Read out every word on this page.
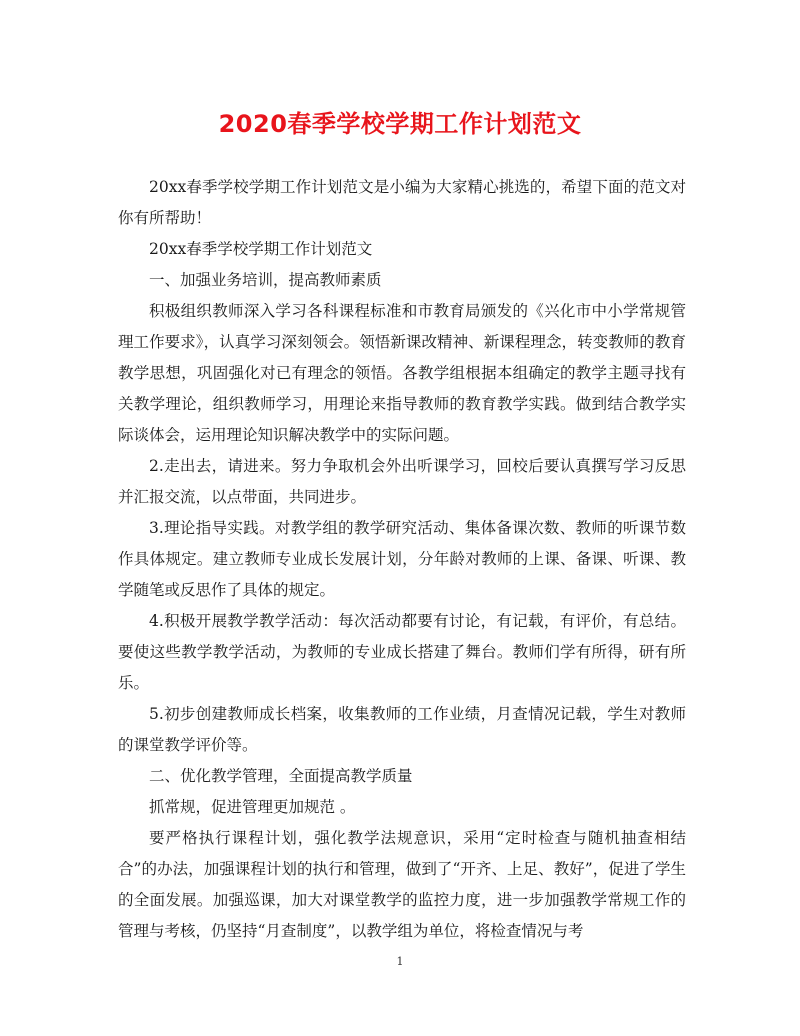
2020春季学校学期工作计划范文

20xx春季学校学期工作计划范文是小编为大家精心挑选的，希望下面的范文对你有所帮助！

20xx春季学校学期工作计划范文

一、加强业务培训，提高教师素质

积极组织教师深入学习各科课程标准和市教育局颁发的《兴化市中小学常规管理工作要求》，认真学习深刻领会。领悟新课改精神、新课程理念，转变教师的教育教学思想，巩固强化对已有理念的领悟。各教学组根据本组确定的教学主题寻找有关教学理论，组织教师学习，用理论来指导教师的教育教学实践。做到结合教学实际谈体会，运用理论知识解决教学中的实际问题。

2.走出去，请进来。努力争取机会外出听课学习，回校后要认真撰写学习反思并汇报交流，以点带面，共同进步。

3.理论指导实践。对教学组的教学研究活动、集体备课次数、教师的听课节数作具体规定。建立教师专业成长发展计划，分年龄对教师的上课、备课、听课、教学随笔或反思作了具体的规定。

4.积极开展教学教学活动：每次活动都要有讨论，有记载，有评价，有总结。要使这些教学教学活动，为教师的专业成长搭建了舞台。教师们学有所得，研有所乐。

5.初步创建教师成长档案，收集教师的工作业绩，月查情况记载，学生对教师的课堂教学评价等。

二、优化教学管理，全面提高教学质量

抓常规，促进管理更加规范 。

要严格执行课程计划，强化教学法规意识，采用“定时检查与随机抽查相结合”的办法，加强课程计划的执行和管理，做到了“开齐、上足、教好”，促进了学生的全面发展。加强巡课，加大对课堂教学的监控力度，进一步加强教学常规工作的管理与考核，仍坚持“月查制度”，以教学组为单位，将检查情况与考

1
